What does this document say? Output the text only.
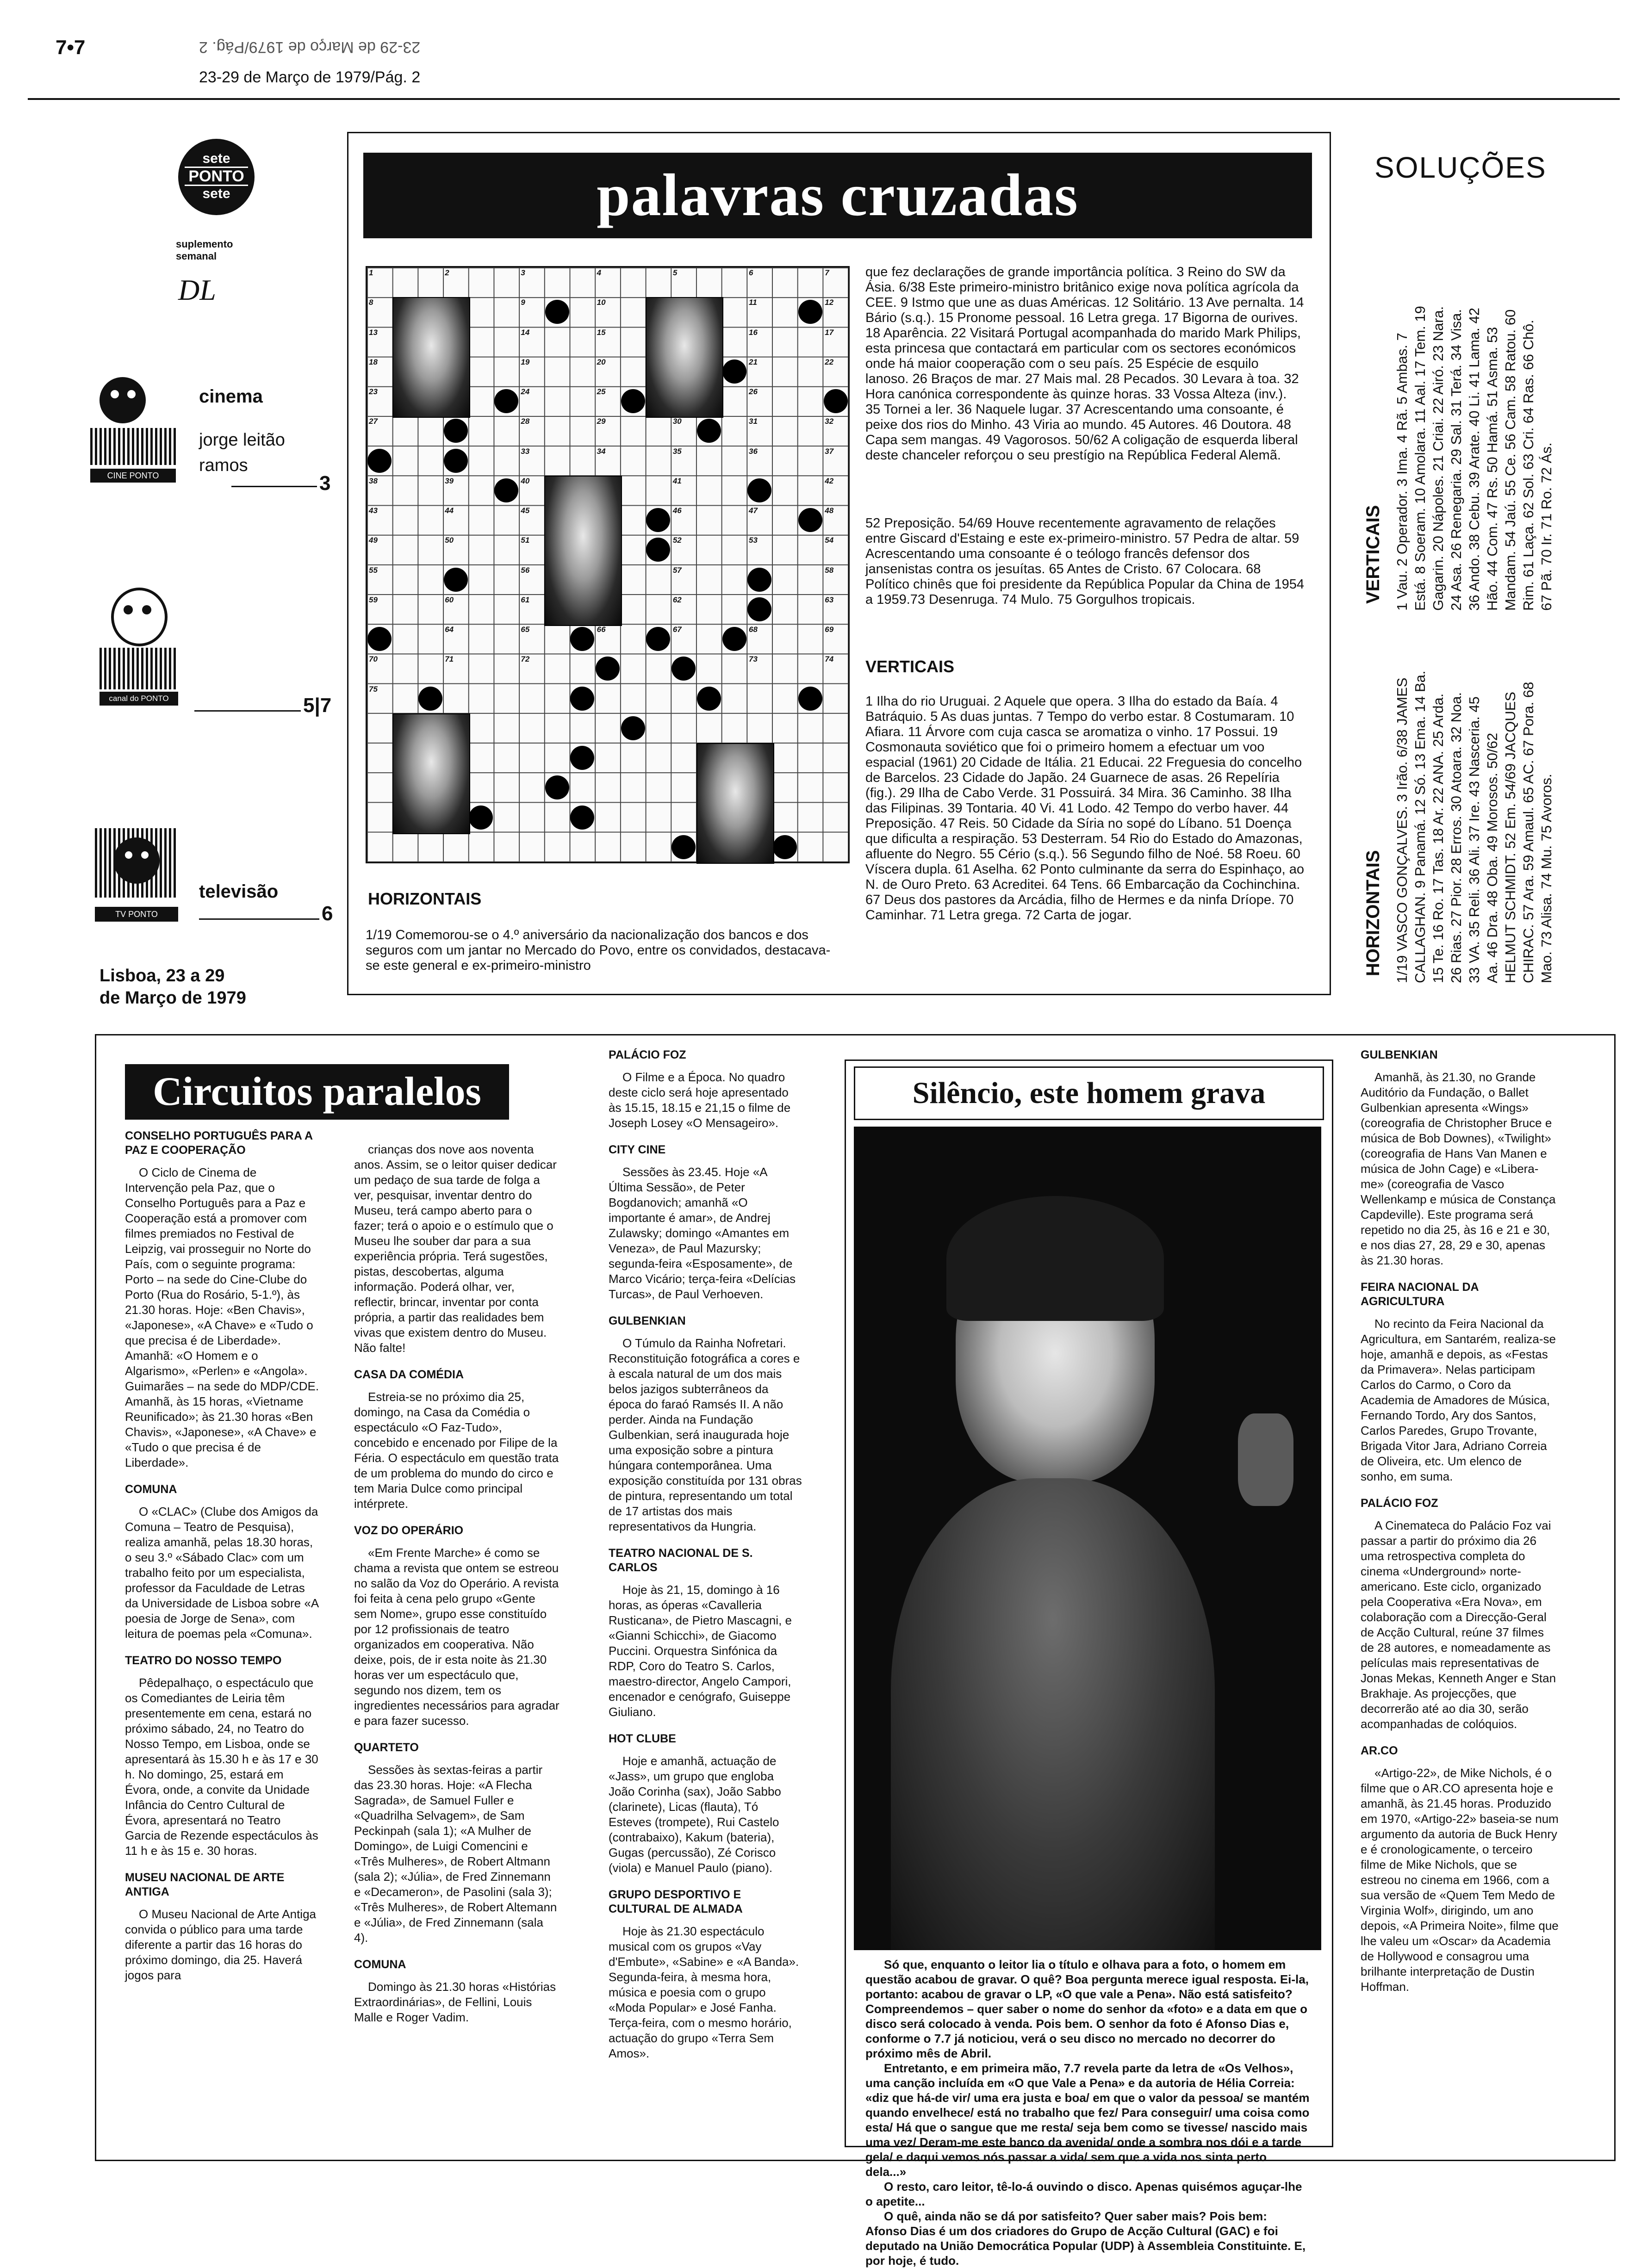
7•7	23-29 de Março de 1979/Pág. 2
23-29 de Março de 1979/Pág. 2
sete
PONTO
sete
suplemento
semanal
DL
CINE PONTO
cinema
jorge leitão
ramos
3
canal do PONTO	5|7
TV PONTO
televisão
6
Lisboa, 23 a 29
de Março de 1979
palavras cruzadas
1	2	3	4	5	6	7
8	9	10	11	12
13	14	15	16	17
18	19	20	21	22
23	24	25	26
27	28	29	30	31	32
33	34	35	36	37
38	39	40	41	42
43	44	45	46	47	48
49	50	51	52	53	54
55	56	57	58
59	60	61	62	63
64	65	66	67	68	69
70	71	72	73	74
75
HORIZONTAIS
1/19 Comemorou-se o 4.º aniversário da nacionalização dos bancos e dos seguros com um jantar no Mercado do Povo, entre os convidados, destacava-se este general e ex-primeiro-ministro
que fez declarações de grande importância política. 3 Reino do SW da Ásia. 6/38 Este primeiro-ministro britânico exige nova política agrícola da CEE. 9 Istmo que une as duas Américas. 12 Solitário. 13 Ave pernalta. 14 Bário (s.q.). 15 Pronome pessoal. 16 Letra grega. 17 Bigorna de ourives. 18 Aparência. 22 Visitará Portugal acompanhada do marido Mark Philips, esta princesa que contactará em particular com os sectores económicos onde há maior cooperação com o seu país. 25 Espécie de esquilo lanoso. 26 Braços de mar. 27 Mais mal. 28 Pecados. 30 Levara à toa. 32 Hora canónica correspondente às quinze horas. 33 Vossa Alteza (inv.). 35 Tornei a ler. 36 Naquele lugar. 37 Acrescentando uma consoante, é peixe dos rios do Minho. 43 Viria ao mundo. 45 Autores. 46 Doutora. 48 Capa sem mangas. 49 Vagorosos. 50/62 A coligação de esquerda liberal deste chanceler reforçou o seu prestígio na República Federal Alemã.
52 Preposição. 54/69 Houve recentemente agravamento de relações entre Giscard d'Estaing e este ex-primeiro-ministro. 57 Pedra de altar. 59 Acrescentando uma consoante é o teólogo francês defensor dos jansenistas contra os jesuítas. 65 Antes de Cristo. 67 Colocara. 68 Político chinês que foi presidente da República Popular da China de 1954 a 1959.73 Desenruga. 74 Mulo. 75 Gorgulhos tropicais.
VERTICAIS
1 Ilha do rio Uruguai. 2 Aquele que opera. 3 Ilha do estado da Baía. 4 Batráquio. 5 As duas juntas. 7 Tempo do verbo estar. 8 Costumaram. 10 Afiara. 11 Árvore com cuja casca se aromatiza o vinho. 17 Possui. 19 Cosmonauta soviético que foi o primeiro homem a efectuar um voo espacial (1961) 20 Cidade de Itália. 21 Educai. 22 Freguesia do concelho de Barcelos. 23 Cidade do Japão. 24 Guarnece de asas. 26 Repelíria (fig.). 29 Ilha de Cabo Verde. 31 Possuirá. 34 Mira. 36 Caminho. 38 Ilha das Filipinas. 39 Tontaria. 40 Vi. 41 Lodo. 42 Tempo do verbo haver. 44 Preposição. 47 Reis. 50 Cidade da Síria no sopé do Líbano. 51 Doença que dificulta a respiração. 53 Desterram. 54 Rio do Estado do Amazonas, afluente do Negro. 55 Cério (s.q.). 56 Segundo filho de Noé. 58 Roeu. 60 Víscera dupla. 61 Aselha. 62 Ponto culminante da serra do Espinhaço, ao N. de Ouro Preto. 63 Acreditei. 64 Tens. 66 Embarcação da Cochinchina. 67 Deus dos pastores da Arcádia, filho de Hermes e da ninfa Dríope. 70 Caminhar. 71 Letra grega. 72 Carta de jogar.
SOLUÇÕES
VERTICAIS 1 Vau. 2 Operador. 3 Ima. 4 Rã. 5 Ambas. 7 Está. 8 Soeram. 10 Amolara. 11 Aal. 17 Tem. 19 Gagarin. 20 Nápoles. 21 Criai. 22 Airó. 23 Nara. 24 Asa. 26 Renegaria. 29 Sal. 31 Terá. 34 Visa. 36 Ando. 38 Cebu. 39 Arate. 40 Li. 41 Lama. 42 Hão. 44 Com. 47 Rs. 50 Hamá. 51 Asma. 53 Mandam. 54 Jaú. 55 Ce. 56 Cam. 58 Ratou. 60 Rim. 61 Laça. 62 Sol. 63 Cri. 64 Ras. 66 Chô. 67 Pã. 70 Ir. 71 Ro. 72 Ás.
HORIZONTAIS 1/19 VASCO GONÇALVES. 3 Irão. 6/38 JAMES CALLAGHAN. 9 Panamá. 12 Só. 13 Ema. 14 Ba. 15 Te. 16 Ro. 17 Tas. 18 Ar. 22 ANA. 25 Arda. 26 Rias. 27 Pior. 28 Erros. 30 Atoara. 32 Noa. 33 VA. 35 Reli. 36 Ali. 37 Ire. 43 Nasceria. 45 Aa. 46 Dra. 48 Oba. 49 Morosos. 50/62 HELMUT SCHMIDT. 52 Em. 54/69 JACQUES CHIRAC. 57 Ara. 59 Amaul. 65 AC. 67 Pora. 68 Mao. 73 Alisa. 74 Mu. 75 Avoros.
Circuitos paralelos
CONSELHO PORTUGUÊS PARA A PAZ E COOPERAÇÃO

O Ciclo de Cinema de Intervenção pela Paz, que o Conselho Português para a Paz e Cooperação está a promover com filmes premiados no Festival de Leipzig, vai prosseguir no Norte do País, com o seguinte programa: Porto – na sede do Cine-Clube do Porto (Rua do Rosário, 5-1.º), às 21.30 horas. Hoje: «Ben Chavis», «Japonese», «A Chave» e «Tudo o que precisa é de Liberdade». Amanhã: «O Homem e o Algarismo», «Perlen» e «Angola». Guimarães – na sede do MDP/CDE. Amanhã, às 15 horas, «Vietname Reunificado»; às 21.30 horas «Ben Chavis», «Japonese», «A Chave» e «Tudo o que precisa é de Liberdade».

COMUNA

O «CLAC» (Clube dos Amigos da Comuna – Teatro de Pesquisa), realiza amanhã, pelas 18.30 horas, o seu 3.º «Sábado Clac» com um trabalho feito por um especialista, professor da Faculdade de Letras da Universidade de Lisboa sobre «A poesia de Jorge de Sena», com leitura de poemas pela «Comuna».

TEATRO DO NOSSO TEMPO

Pêdepalhaço, o espectáculo que os Comediantes de Leiria têm presentemente em cena, estará no próximo sábado, 24, no Teatro do Nosso Tempo, em Lisboa, onde se apresentará às 15.30 h e às 17 e 30 h. No domingo, 25, estará em Évora, onde, a convite da Unidade Infância do Centro Cultural de Évora, apresentará no Teatro Garcia de Rezende espectáculos às 11 h e às 15 e. 30 horas.

MUSEU NACIONAL DE ARTE ANTIGA

O Museu Nacional de Arte Antiga convida o público para uma tarde diferente a partir das 16 horas do próximo domingo, dia 25. Haverá jogos para

crianças dos nove aos noventa anos. Assim, se o leitor quiser dedicar um pedaço de sua tarde de folga a ver, pesquisar, inventar dentro do Museu, terá campo aberto para o fazer; terá o apoio e o estímulo que o Museu lhe souber dar para a sua experiência própria. Terá sugestões, pistas, descobertas, alguma informação. Poderá olhar, ver, reflectir, brincar, inventar por conta própria, a partir das realidades bem vivas que existem dentro do Museu. Não falte!

CASA DA COMÉDIA

Estreia-se no próximo dia 25, domingo, na Casa da Comédia o espectáculo «O Faz-Tudo», concebido e encenado por Filipe de la Féria. O espectáculo em questão trata de um problema do mundo do circo e tem Maria Dulce como principal intérprete.

VOZ DO OPERÁRIO

«Em Frente Marche» é como se chama a revista que ontem se estreou no salão da Voz do Operário. A revista foi feita à cena pelo grupo «Gente sem Nome», grupo esse constituído por 12 profissionais de teatro organizados em cooperativa. Não deixe, pois, de ir esta noite às 21.30 horas ver um espectáculo que, segundo nos dizem, tem os ingredientes necessários para agradar e para fazer sucesso.

QUARTETO

Sessões às sextas-feiras a partir das 23.30 horas. Hoje: «A Flecha Sagrada», de Samuel Fuller e «Quadrilha Selvagem», de Sam Peckinpah (sala 1); «A Mulher de Domingo», de Luigi Comencini e «Três Mulheres», de Robert Altmann (sala 2); «Júlia», de Fred Zinnemann e «Decameron», de Pasolini (sala 3); «Três Mulheres», de Robert Altemann e «Júlia», de Fred Zinnemann (sala 4).

COMUNA

Domingo às 21.30 horas «Histórias Extraordinárias», de Fellini, Louis Malle e Roger Vadim.

PALÁCIO FOZ

O Filme e a Época. No quadro deste ciclo será hoje apresentado às 15.15, 18.15 e 21,15 o filme de Joseph Losey «O Mensageiro».

CITY CINE

Sessões às 23.45. Hoje «A Última Sessão», de Peter Bogdanovich; amanhã «O importante é amar», de Andrej Zulawsky; domingo «Amantes em Veneza», de Paul Mazursky; segunda-feira «Esposamente», de Marco Vicário; terça-feira «Delícias Turcas», de Paul Verhoeven.

GULBENKIAN

O Túmulo da Rainha Nofretari. Reconstituição fotográfica a cores e à escala natural de um dos mais belos jazigos subterrâneos da época do faraó Ramsés II. A não perder. Ainda na Fundação Gulbenkian, será inaugurada hoje uma exposição sobre a pintura húngara contemporânea. Uma exposição constituída por 131 obras de pintura, representando um total de 17 artistas dos mais representativos da Hungria.

TEATRO NACIONAL DE S. CARLOS

Hoje às 21, 15, domingo à 16 horas, as óperas «Cavalleria Rusticana», de Pietro Mascagni, e «Gianni Schicchi», de Giacomo Puccini. Orquestra Sinfónica da RDP, Coro do Teatro S. Carlos, maestro-director, Angelo Campori, encenador e cenógrafo, Guiseppe Giuliano.

HOT CLUBE

Hoje e amanhã, actuação de «Jass», um grupo que engloba João Corinha (sax), João Sabbo (clarinete), Licas (flauta), Tó Esteves (trompete), Rui Castelo (contrabaixo), Kakum (bateria), Gugas (percussão), Zé Corisco (viola) e Manuel Paulo (piano).

GRUPO DESPORTIVO E CULTURAL DE ALMADA

Hoje às 21.30 espectáculo musical com os grupos «Vay d'Embute», «Sabine» e «A Banda». Segunda-feira, à mesma hora, música e poesia com o grupo «Moda Popular» e José Fanha. Terça-feira, com o mesmo horário, actuação do grupo «Terra Sem Amos».

Silêncio, este homem grava

Só que, enquanto o leitor lia o título e olhava para a foto, o homem em questão acabou de gravar. O quê? Boa pergunta merece igual resposta. Ei-la, portanto: acabou de gravar o LP, «O que vale a Pena». Não está satisfeito? Compreendemos – quer saber o nome do senhor da «foto» e a data em que o disco será colocado à venda. Pois bem. O senhor da foto é Afonso Dias e, conforme o 7.7 já noticiou, verá o seu disco no mercado no decorrer do próximo mês de Abril.

Entretanto, e em primeira mão, 7.7 revela parte da letra de «Os Velhos», uma canção incluída em «O que Vale a Pena» e da autoria de Hélia Correia: «diz que há-de vir/ uma era justa e boa/ em que o valor da pessoa/ se mantém quando envelhece/ está no trabalho que fez/ Para conseguir/ uma coisa como esta/ Há que o sangue que me resta/ seja bem como se tivesse/ nascido mais uma vez/ Deram-me este banco da avenida/ onde a sombra nos dói e a tarde gela/ e daqui vemos nós passar a vida/ sem que a vida nos sinta perto dela...»

O resto, caro leitor, tê-lo-á ouvindo o disco. Apenas quisémos aguçar-lhe o apetite...

O quê, ainda não se dá por satisfeito? Quer saber mais? Pois bem: Afonso Dias é um dos criadores do Grupo de Acção Cultural (GAC) e foi deputado na União Democrática Popular (UDP) à Assembleia Constituinte. E, por hoje, é tudo.

GULBENKIAN

Amanhã, às 21.30, no Grande Auditório da Fundação, o Ballet Gulbenkian apresenta «Wings» (coreografia de Christopher Bruce e música de Bob Downes), «Twilight» (coreografia de Hans Van Manen e música de John Cage) e «Libera-me» (coreografia de Vasco Wellenkamp e música de Constança Capdeville). Este programa será repetido no dia 25, às 16 e 21 e 30, e nos dias 27, 28, 29 e 30, apenas às 21.30 horas.

FEIRA NACIONAL DA AGRICULTURA

No recinto da Feira Nacional da Agricultura, em Santarém, realiza-se hoje, amanhã e depois, as «Festas da Primavera». Nelas participam Carlos do Carmo, o Coro da Academia de Amadores de Música, Fernando Tordo, Ary dos Santos, Carlos Paredes, Grupo Trovante, Brigada Vitor Jara, Adriano Correia de Oliveira, etc. Um elenco de sonho, em suma.

PALÁCIO FOZ

A Cinemateca do Palácio Foz vai passar a partir do próximo dia 26 uma retrospectiva completa do cinema «Underground» norte-americano. Este ciclo, organizado pela Cooperativa «Era Nova», em colaboração com a Direcção-Geral de Acção Cultural, reúne 37 filmes de 28 autores, e nomeadamente as películas mais representativas de Jonas Mekas, Kenneth Anger e Stan Brakhaje. As projecções, que decorrerão até ao dia 30, serão acompanhadas de colóquios.

AR.CO

«Artigo-22», de Mike Nichols, é o filme que o AR.CO apresenta hoje e amanhã, às 21.45 horas. Produzido em 1970, «Artigo-22» baseia-se num argumento da autoria de Buck Henry e é cronologicamente, o terceiro filme de Mike Nichols, que se estreou no cinema em 1966, com a sua versão de «Quem Tem Medo de Virginia Wolf», dirigindo, um ano depois, «A Primeira Noite», filme que lhe valeu um «Oscar» da Academia de Hollywood e consagrou uma brilhante interpretação de Dustin Hoffman.
